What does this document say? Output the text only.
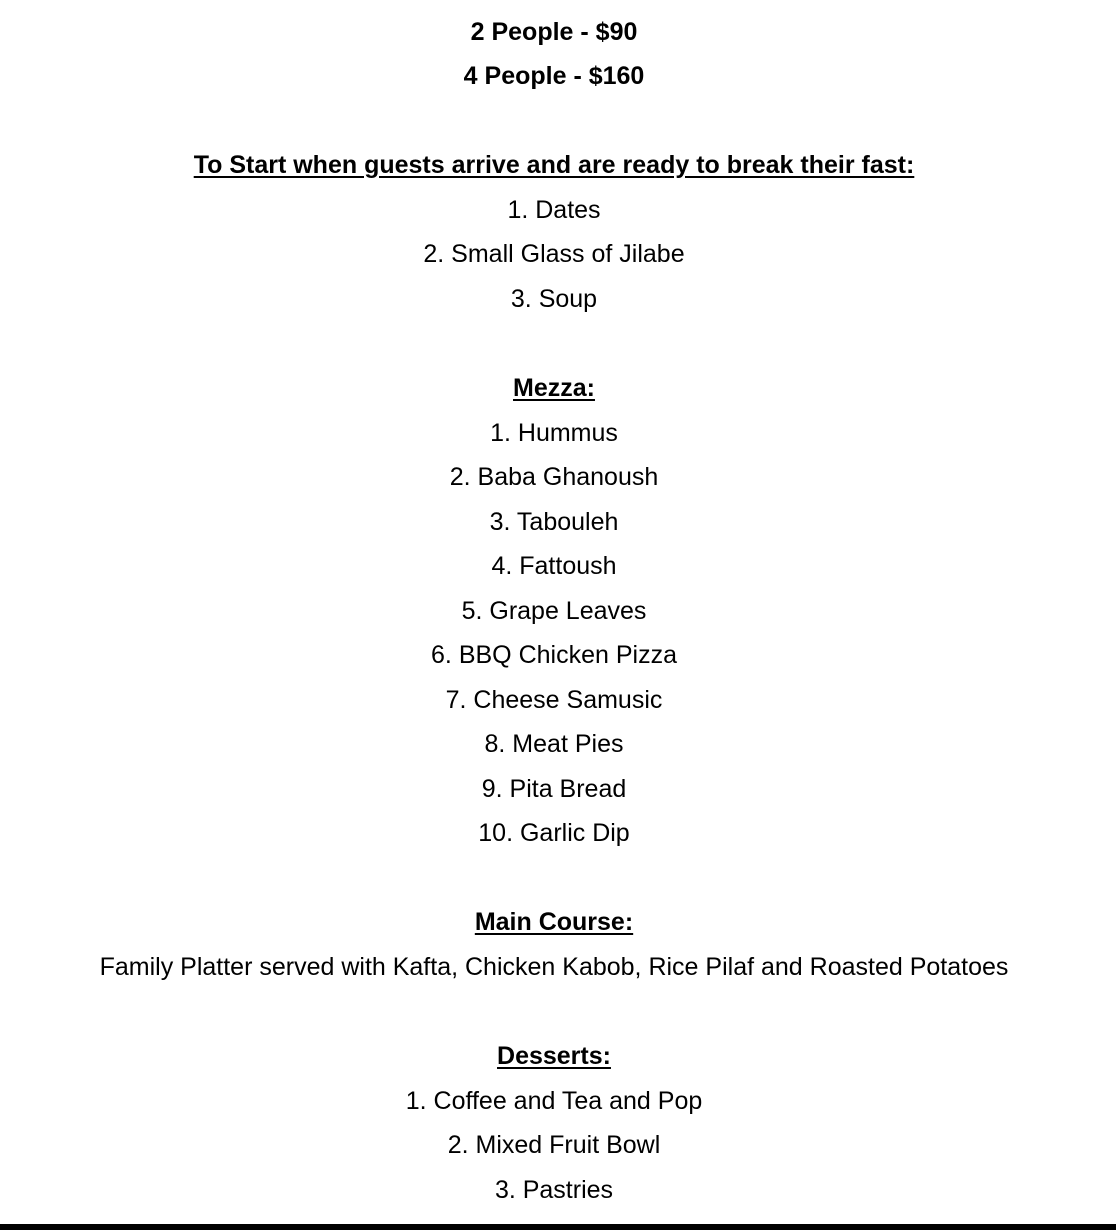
2 People - $90
4 People - $160
To Start when guests arrive and are ready to break their fast:
1. Dates
2. Small Glass of Jilabe
3. Soup
Mezza:
1. Hummus
2. Baba Ghanoush
3. Tabouleh
4. Fattoush
5. Grape Leaves
6. BBQ Chicken Pizza
7. Cheese Samusic
8. Meat Pies
9. Pita Bread
10. Garlic Dip
Main Course:
Family Platter served with Kafta, Chicken Kabob, Rice Pilaf and Roasted Potatoes
Desserts:
1. Coffee and Tea and Pop
2. Mixed Fruit Bowl
3. Pastries
